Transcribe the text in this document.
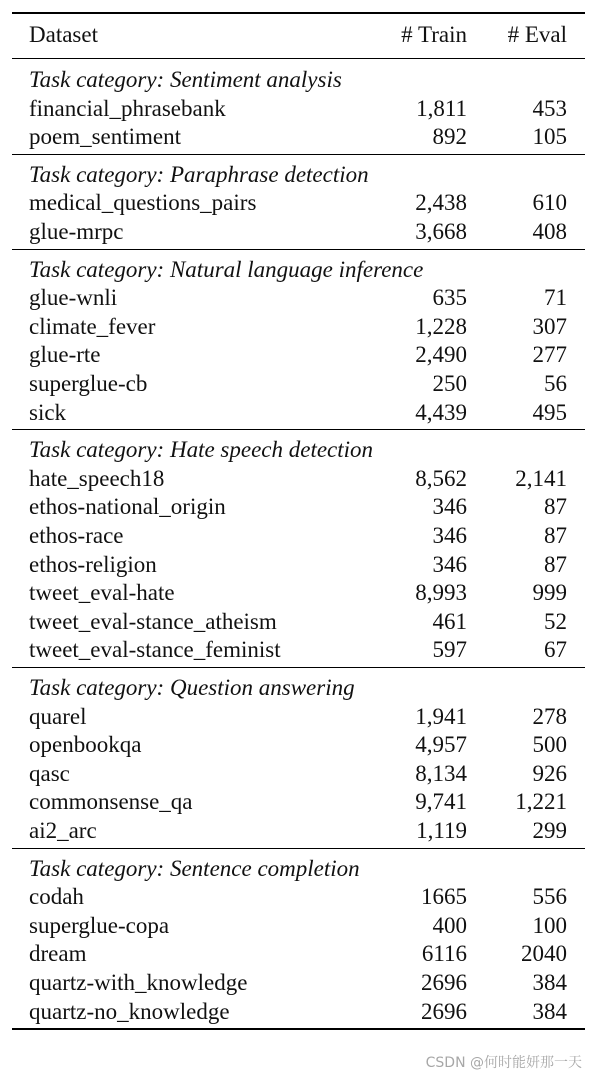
Dataset	# Train # Eval
Task category: Sentiment analysis
financial_phrasebank	1,811	453
poem_sentiment	892	105
Task category: Paraphrase detection
medical_questions_pairs	2,438	610
glue-mrpc	3,668	408
Task category: Natural language inference
glue-wnli	635	71
climate_fever	1,228	307
glue-rte	2,490	277
superglue-cb	250	56
sick	4,439	495
Task category: Hate speech detection
hate_speech18	8,562 2,141
ethos-national_origin	346	87
ethos-race	346	87
ethos-religion	346	87
tweet_eval-hate	8,993	999
tweet_eval-stance_atheism	461	52
tweet_eval-stance_feminist	597	67
Task category: Question answering
quarel	1,941	278
openbookqa	4,957	500
qasc	8,134	926
commonsense_qa	9,741 1,221
ai2_arc	1,119	299
Task category: Sentence completion
codah	1665	556
superglue-copa	400	100
dream	6116 2040
quartz-with_knowledge	2696	384
quartz-no_knowledge	2696	384
CSDN @何时能妍那一天
